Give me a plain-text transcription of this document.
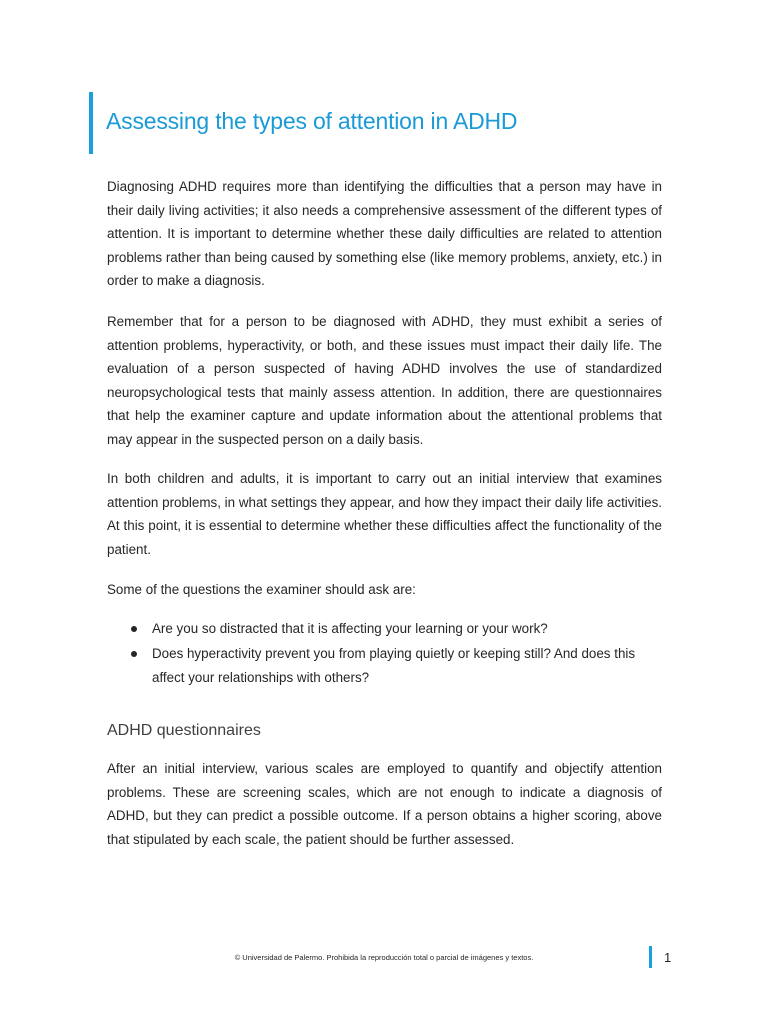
Assessing the types of attention in ADHD

Diagnosing ADHD requires more than identifying the difficulties that a person may have in their daily living activities; it also needs a comprehensive assessment of the different types of attention. It is important to determine whether these daily difficulties are related to attention problems rather than being caused by something else (like memory problems, anxiety, etc.) in order to make a diagnosis.

Remember that for a person to be diagnosed with ADHD, they must exhibit a series of attention problems, hyperactivity, or both, and these issues must impact their daily life. The evaluation of a person suspected of having ADHD involves the use of standardized neuropsychological tests that mainly assess attention. In addition, there are questionnaires that help the examiner capture and update information about the attentional problems that may appear in the suspected person on a daily basis.

In both children and adults, it is important to carry out an initial interview that examines attention problems, in what settings they appear, and how they impact their daily life activities. At this point, it is essential to determine whether these difficulties affect the functionality of the patient.

Some of the questions the examiner should ask are:

Are you so distracted that it is affecting your learning or your work?
Does hyperactivity prevent you from playing quietly or keeping still? And does this affect your relationships with others?
ADHD questionnaires

After an initial interview, various scales are employed to quantify and objectify attention problems. These are screening scales, which are not enough to indicate a diagnosis of ADHD, but they can predict a possible outcome. If a person obtains a higher scoring, above that stipulated by each scale, the patient should be further assessed.

© Universidad de Palermo. Prohibida la reproducción total o parcial de imágenes y textos.	1
